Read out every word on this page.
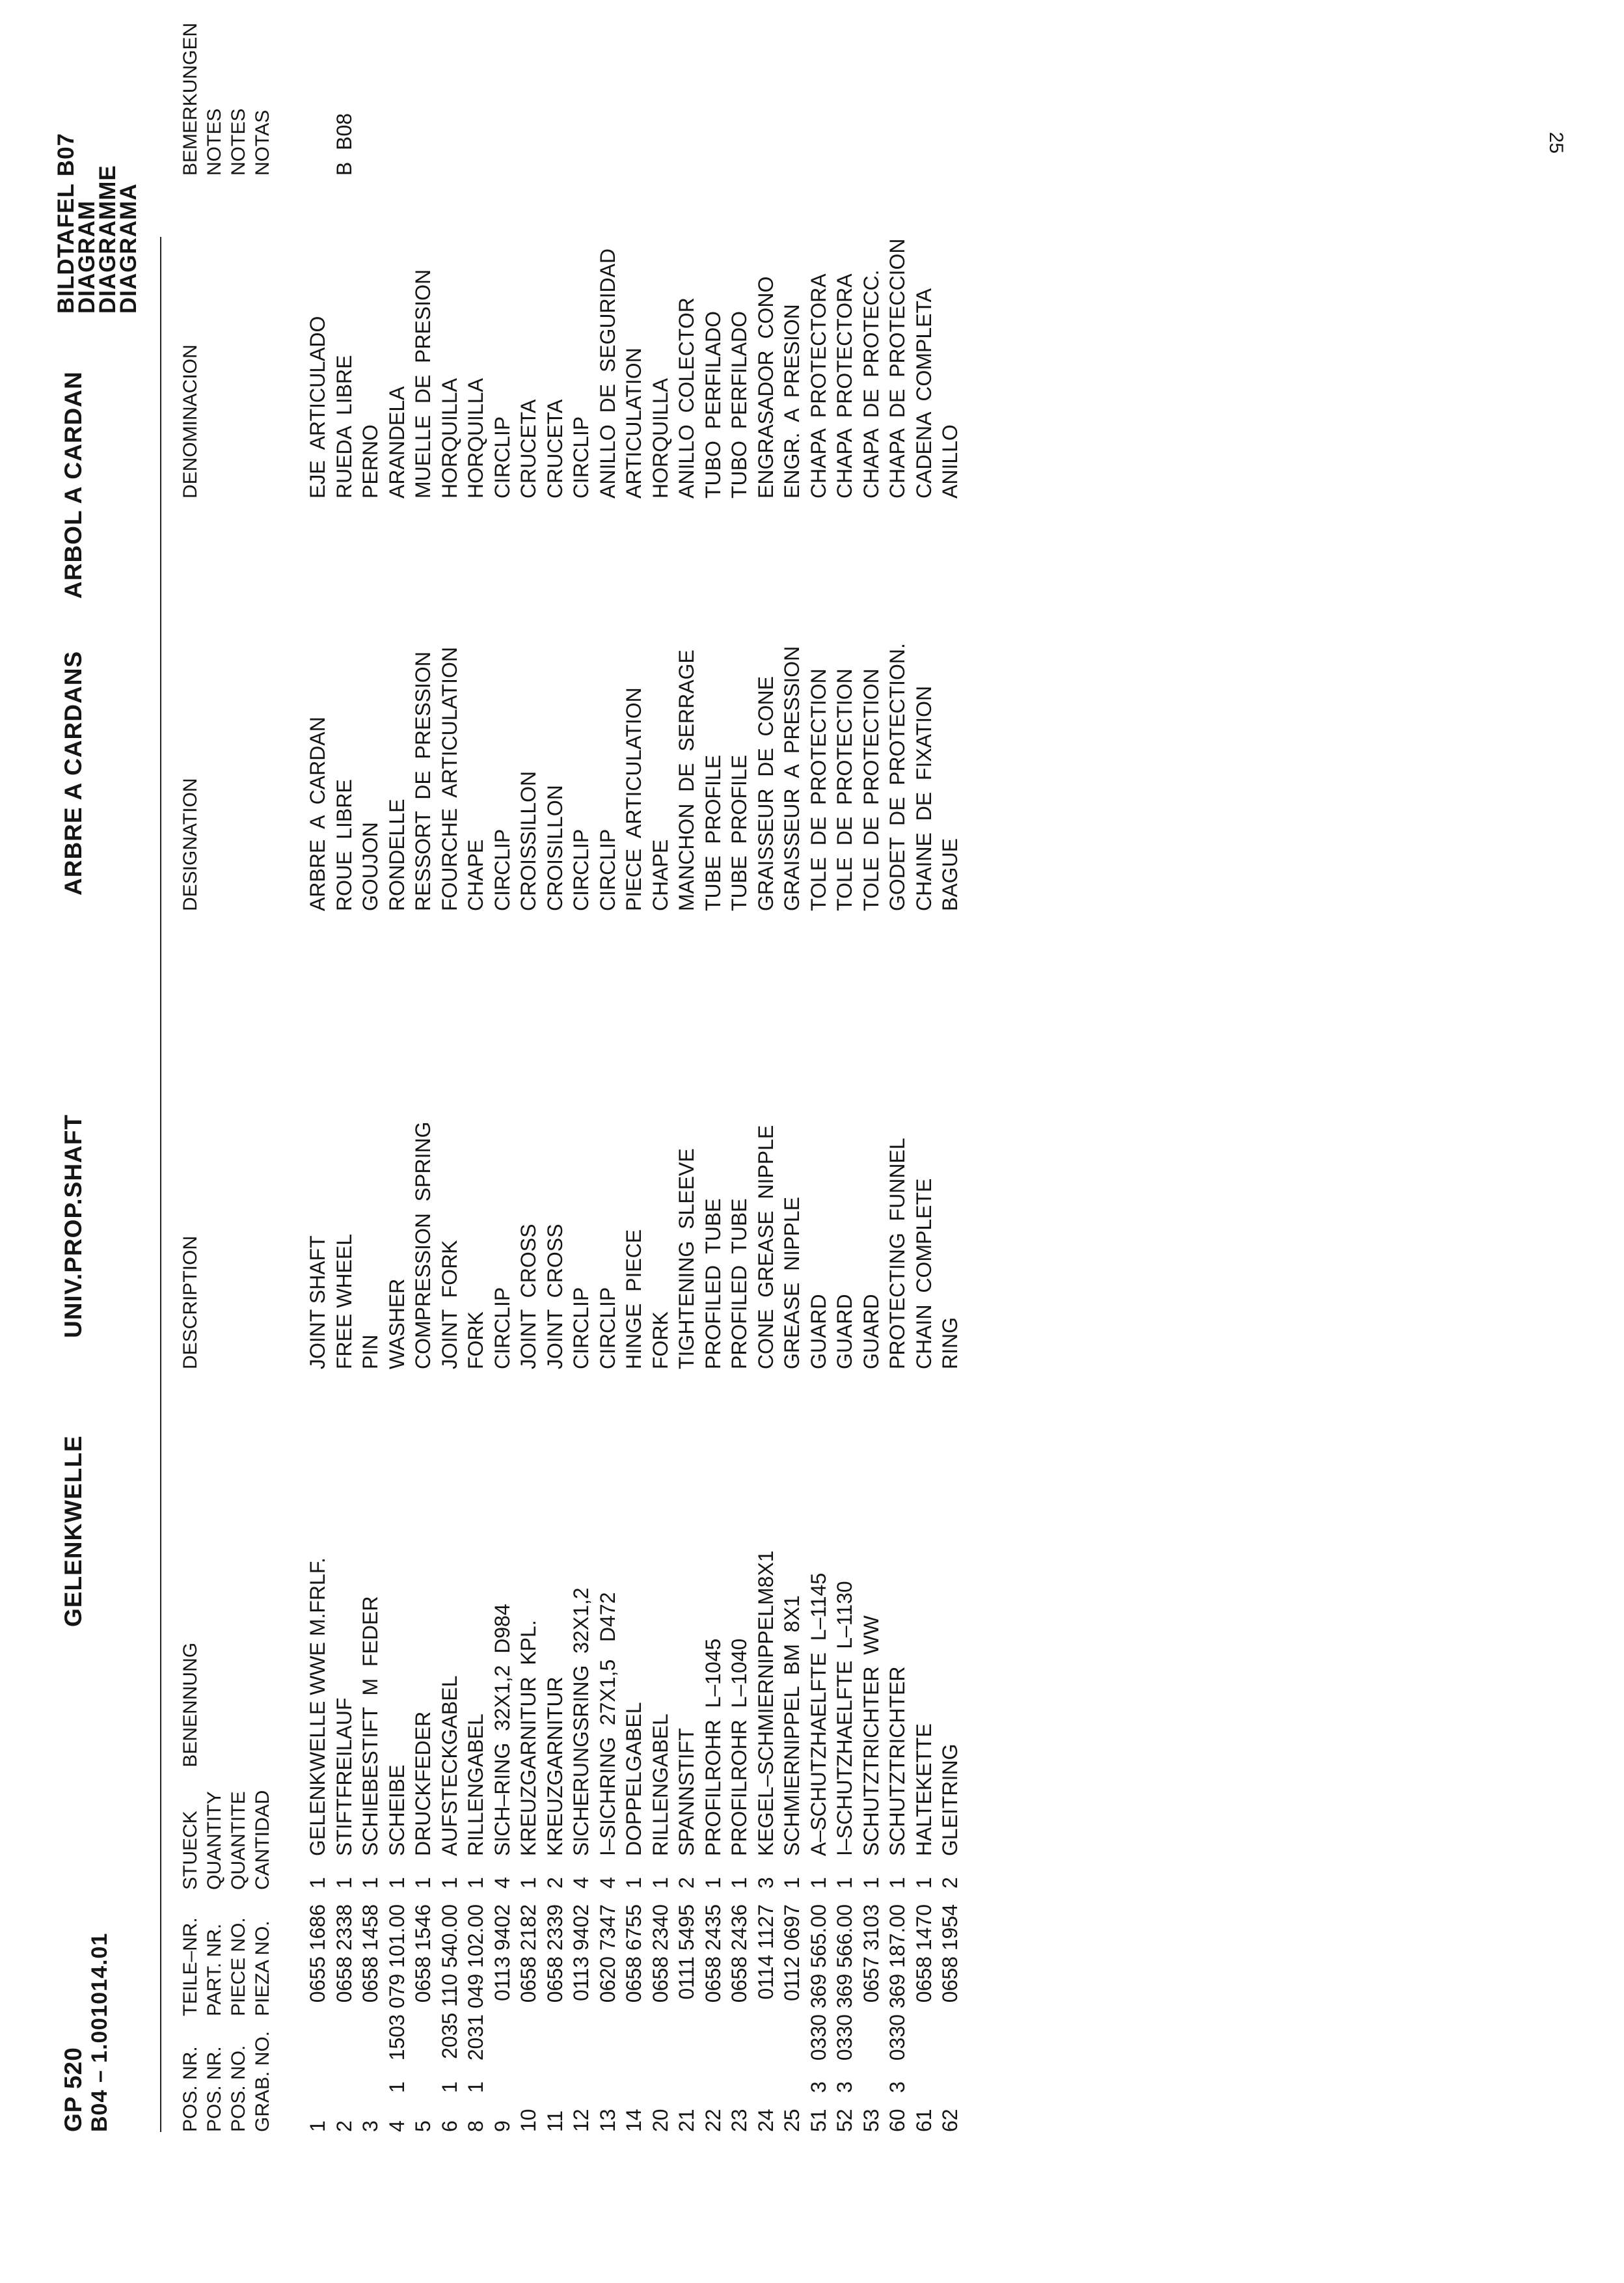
25
GP 520 B04 – 1.001014.01
GELENKWELLE
UNIV.PROP.SHAFT
ARBRE A CARDANS
ARBOL A CARDAN
BILDTAFEL B07
DIAGRAM
DIAGRAMME
DIAGRAMA
POS. NR. POS. NR. POS. NO. GRAB. NO.
TEILE–NR. PART. NR. PIECE NO. PIEZA NO.
STUECK        BENENNUNG QUANTITY QUANTITE CANTIDAD
DESCRIPTION
DESIGNATION
DENOMINACION
BEMERKUNGEN NOTES NOTES NOTAS
1
0655 1686
1
GELENKWELLE WWE M.FRLF.
JOINT SHAFT
ARBRE  A  CARDAN
EJE  ARTICULADO
2
0658 2338
1
STIFTFREILAUF
FREE WHEEL
ROUE  LIBRE
RUEDA  LIBRE
B  B08
3
0658 1458
1
SCHIEBESTIFT  M  FEDER
PIN
GOUJON
PERNO
4
1
1503 079 101.00
1
SCHEIBE
WASHER
RONDELLE
ARANDELA
5
0658 1546
1
DRUCKFEDER
COMPRESSION  SPRING
RESSORT  DE  PRESSION
MUELLE  DE  PRESION
6
1
2035 110 540.00
1
AUFSTECKGABEL
JOINT  FORK
FOURCHE  ARTICULATION
HORQUILLA
8
1
2031 049 102.00
1
RILLENGABEL
FORK
CHAPE
HORQUILLA
9
0113 9402
4
SICH–RING  32X1,2  D984
CIRCLIP
CIRCLIP
CIRCLIP
10
0658 2182
1
KREUZGARNITUR  KPL.
JOINT  CROSS
CROISSILLON
CRUCETA
11
0658 2339
2
KREUZGARNITUR
JOINT  CROSS
CROISILLON
CRUCETA
12
0113 9402
4
SICHERUNGSRING  32X1,2
CIRCLIP
CIRCLIP
CIRCLIP
13
0620 7347
4
I–SICHRING  27X1,5   D472
CIRCLIP
CIRCLIP
ANILLO  DE  SEGURIDAD
14
0658 6755
1
DOPPELGABEL
HINGE  PIECE
PIECE  ARTICULATION
ARTICULATION
20
0658 2340
1
RILLENGABEL
FORK
CHAPE
HORQUILLA
21
0111 5495
2
SPANNSTIFT
TIGHTENING  SLEEVE
MANCHON  DE  SERRAGE
ANILLO  COLECTOR
22
0658 2435
1
PROFILROHR  L–1045
PROFILED  TUBE
TUBE  PROFILE
TUBO  PERFILADO
23
0658 2436
1
PROFILROHR  L–1040
PROFILED  TUBE
TUBE  PROFILE
TUBO  PERFILADO
24
0114 1127
3
KEGEL–SCHMIERNIPPELM8X1
CONE  GREASE  NIPPLE
GRAISSEUR  DE  CONE
ENGRASADOR  CONO
25
0112 0697
1
SCHMIERNIPPEL  BM  8X1
GREASE  NIPPLE
GRAISSEUR  A  PRESSION
ENGR.  A  PRESION
51
3
0330 369 565.00
1
A–SCHUTZHAELFTE  L–1145
GUARD
TOLE  DE  PROTECTION
CHAPA  PROTECTORA
52
3
0330 369 566.00
1
I–SCHUTZHAELFTE  L–1130
GUARD
TOLE  DE  PROTECTION
CHAPA  PROTECTORA
53
0657 3103
1
SCHUTZTRICHTER  WW
GUARD
TOLE  DE  PROTECTION
CHAPA  DE  PROTECC.
60
3
0330 369 187.00
1
SCHUTZTRICHTER
PROTECTING  FUNNEL
GODET  DE  PROTECTION.
CHAPA  DE  PROTECCION
61
0658 1470
1
HALTEKETTE
CHAIN  COMPLETE
CHAINE  DE  FIXATION
CADENA  COMPLETA
62
0658 1954
2
GLEITRING
RING
BAGUE
ANILLO
